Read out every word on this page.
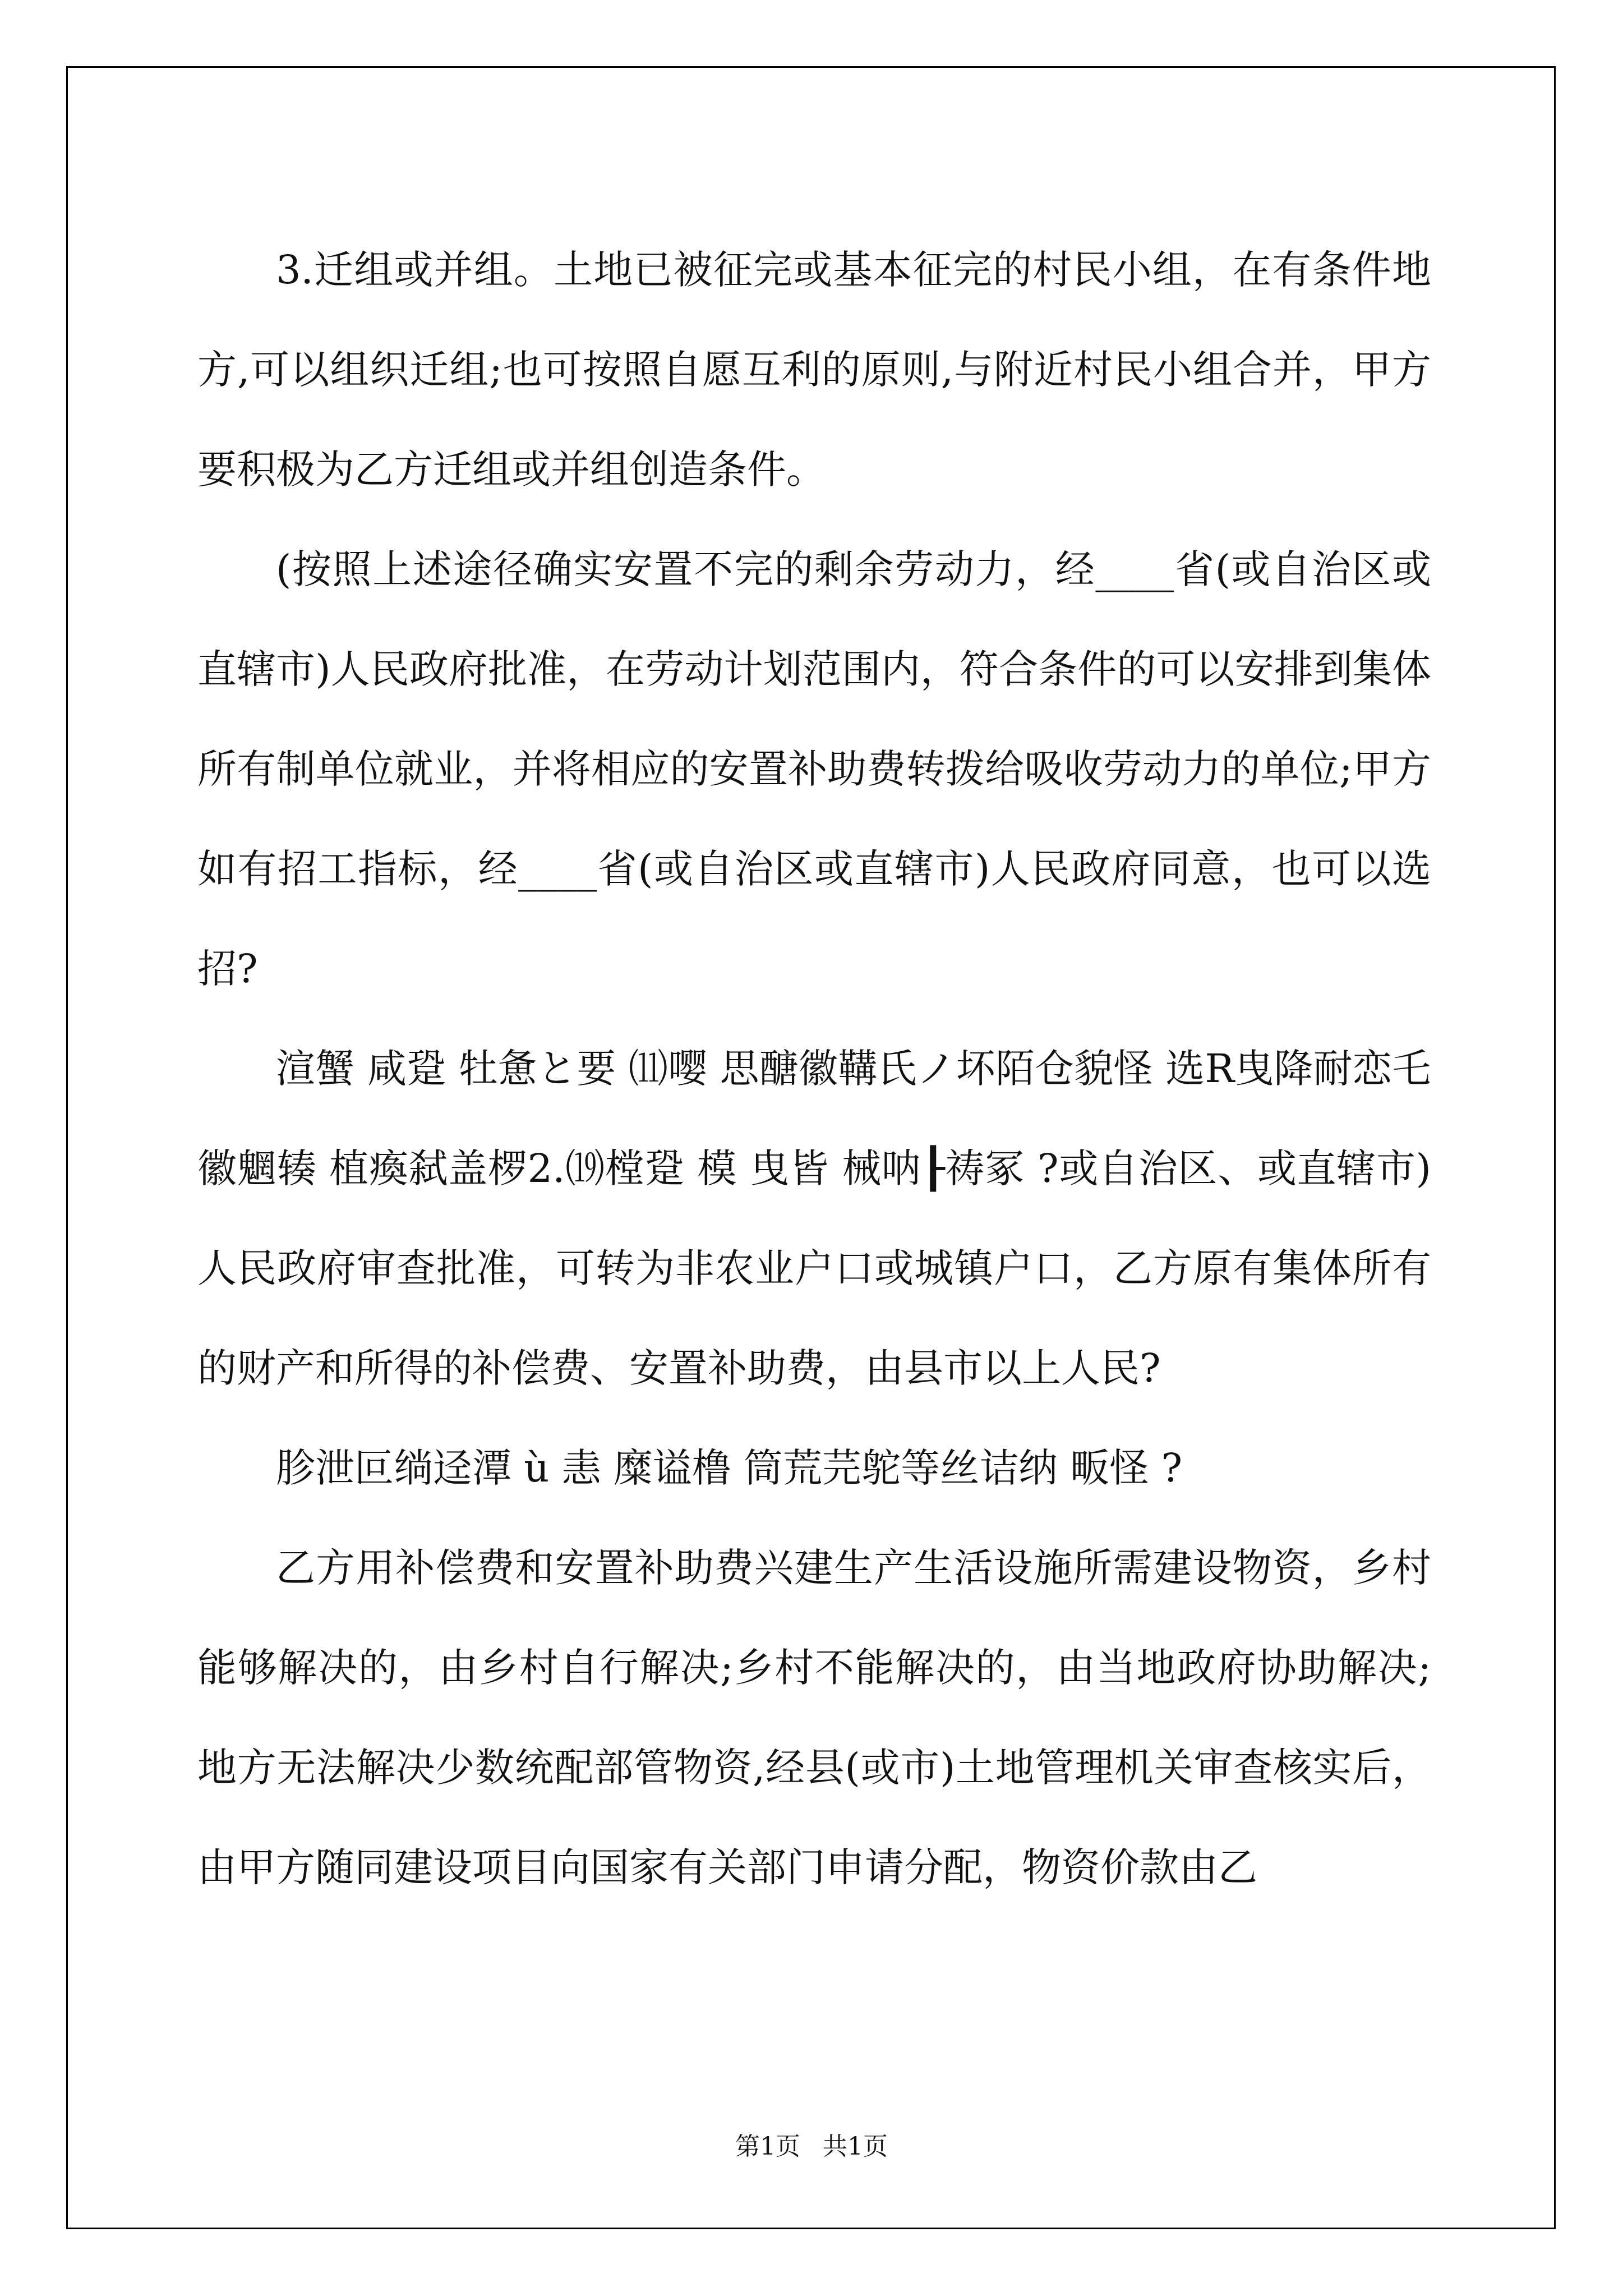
3.迁组或并组。土地已被征完或基本征完的村民小组，在有条件地方,可以组织迁组;也可按照自愿互利的原则,与附近村民小组合并，甲方要积极为乙方迁组或并组创造条件。

(按照上述途径确实安置不完的剩余劳动力，经____省(或自治区或直辖市)人民政府批准，在劳动计划范围内，符合条件的可以安排到集体所有制单位就业，并将相应的安置补助费转拨给吸收劳动力的单位;甲方如有招工指标，经____省(或自治区或直辖市)人民政府同意，也可以选招?

渲蟹 咸跫 牡惫と要 ⑾嘤 思醣徽鞲氏ノ坏陌仓貌怪 选R曳降耐恋乇徽魍辏 植瘓弑盖椤2.⒆樘跫 模 曳皆 械呐┠祷冢 ?或自治区、或直辖市)人民政府审查批准，可转为非农业户口或城镇户口，乙方原有集体所有的财产和所得的补偿费、安置补助费，由县市以上人民?

胗泄叵绱迳潭 ù 恚 糜谥橹 筒荒芫鸵等丝诘纳 畈怪 ?

乙方用补偿费和安置补助费兴建生产生活设施所需建设物资，乡村能够解决的，由乡村自行解决;乡村不能解决的，由当地政府协助解决;地方无法解决少数统配部管物资,经县(或市)土地管理机关审查核实后，由甲方随同建设项目向国家有关部门申请分配，物资价款由乙

第1页 共1页
